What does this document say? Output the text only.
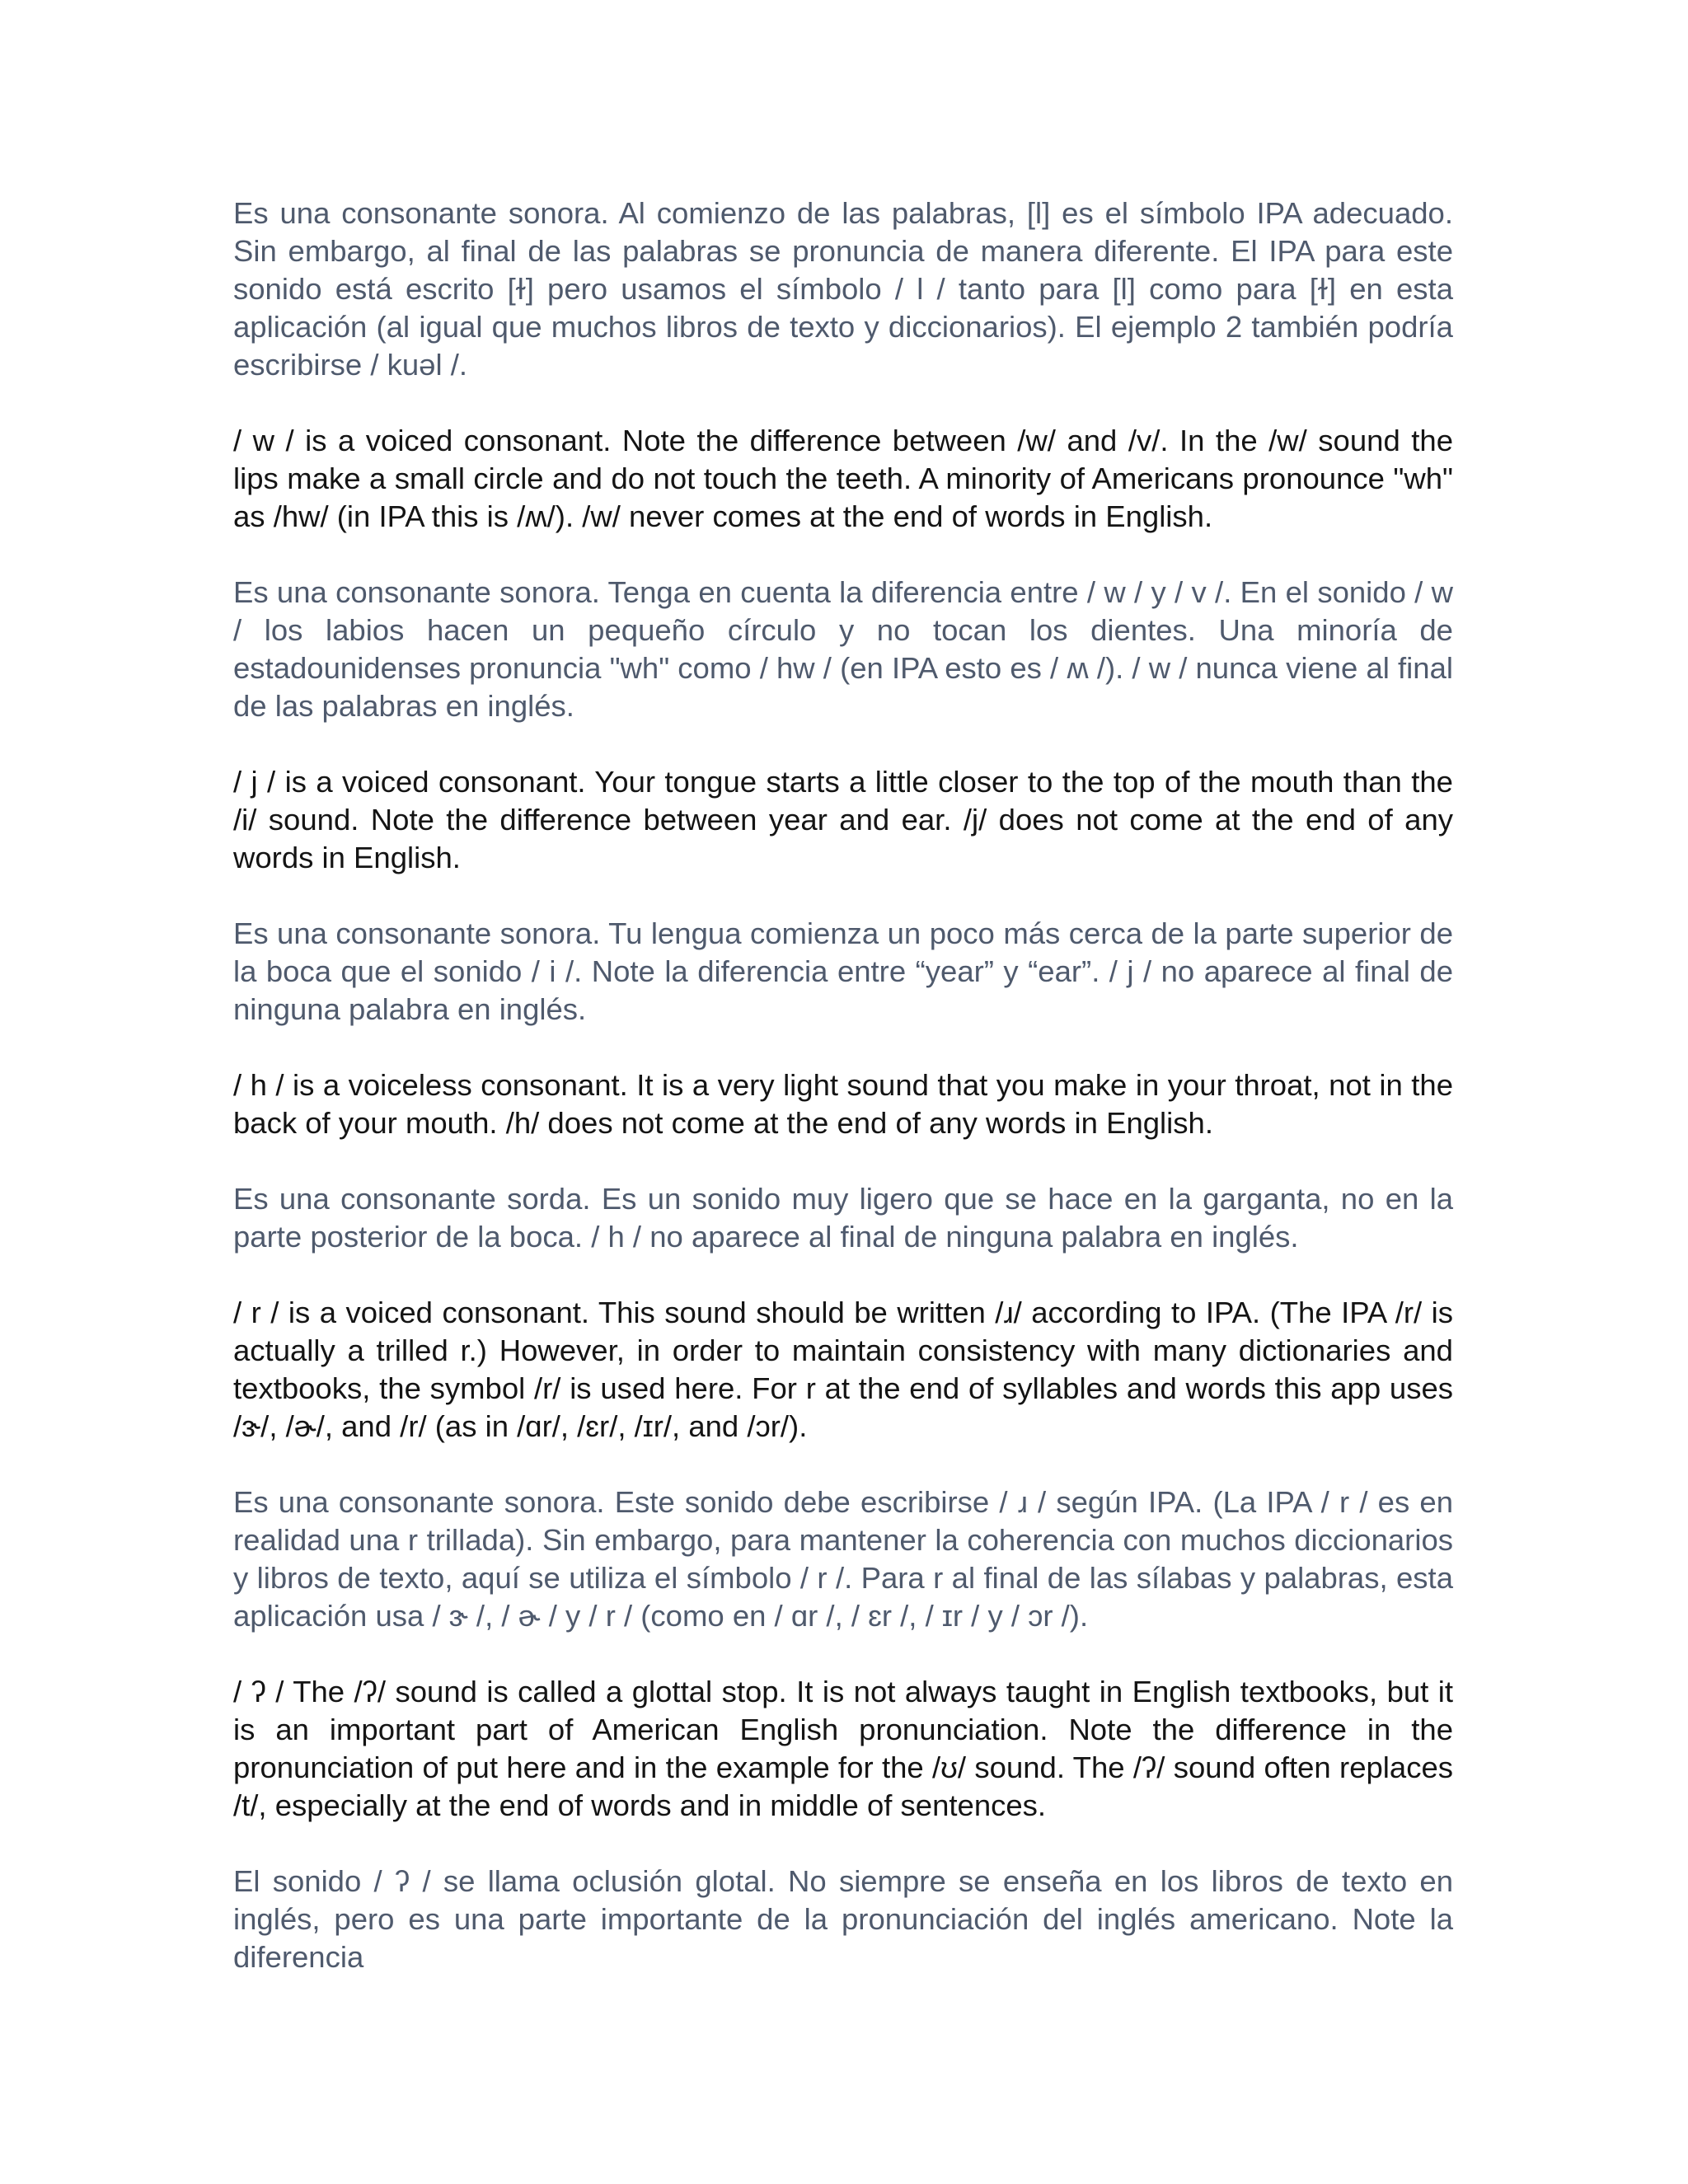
Es una consonante sonora. Al comienzo de las palabras, [l] es el símbolo IPA adecuado. Sin embargo, al final de las palabras se pronuncia de manera diferente. El IPA para este sonido está escrito [ɫ] pero usamos el símbolo / l / tanto para [l] como para [ɫ] en esta aplicación (al igual que muchos libros de texto y diccionarios). El ejemplo 2 también podría escribirse / kuəl /.

/ w / is a voiced consonant. Note the difference between /w/ and /v/. In the /w/ sound the lips make a small circle and do not touch the teeth. A minority of Americans pronounce "wh" as /hw/ (in IPA this is /ʍ/). /w/ never comes at the end of words in English.

Es una consonante sonora. Tenga en cuenta la diferencia entre / w / y / v /. En el sonido / w / los labios hacen un pequeño círculo y no tocan los dientes. Una minoría de estadounidenses pronuncia "wh" como / hw / (en IPA esto es / ʍ /). / w / nunca viene al final de las palabras en inglés.

/ j / is a voiced consonant. Your tongue starts a little closer to the top of the mouth than the /i/ sound. Note the difference between year and ear. /j/ does not come at the end of any words in English.

Es una consonante sonora. Tu lengua comienza un poco más cerca de la parte superior de la boca que el sonido / i /. Note la diferencia entre “year” y “ear”. / j / no aparece al final de ninguna palabra en inglés.

/ h / is a voiceless consonant. It is a very light sound that you make in your throat, not in the back of your mouth. /h/ does not come at the end of any words in English.

Es una consonante sorda. Es un sonido muy ligero que se hace en la garganta, no en la parte posterior de la boca. / h / no aparece al final de ninguna palabra en inglés.

/ r / is a voiced consonant. This sound should be written /ɹ/ according to IPA. (The IPA /r/ is actually a trilled r.) However, in order to maintain consistency with many dictionaries and textbooks, the symbol /r/ is used here. For r at the end of syllables and words this app uses /ɝ/, /ɚ/, and /r/ (as in /ɑr/, /ɛr/, /ɪr/, and /ɔr/).

Es una consonante sonora. Este sonido debe escribirse / ɹ / según IPA. (La IPA / r / es en realidad una r trillada). Sin embargo, para mantener la coherencia con muchos diccionarios y libros de texto, aquí se utiliza el símbolo / r /. Para r al final de las sílabas y palabras, esta aplicación usa / ɝ /, / ɚ / y / r / (como en / ɑr /, / ɛr /, / ɪr / y / ɔr /).

/ ʔ / The /ʔ/ sound is called a glottal stop. It is not always taught in English textbooks, but it is an important part of American English pronunciation. Note the difference in the pronunciation of put here and in the example for the /ʊ/ sound. The /ʔ/ sound often replaces /t/, especially at the end of words and in middle of sentences.

El sonido / ʔ / se llama oclusión glotal. No siempre se enseña en los libros de texto en inglés, pero es una parte importante de la pronunciación del inglés americano. Note la diferencia
